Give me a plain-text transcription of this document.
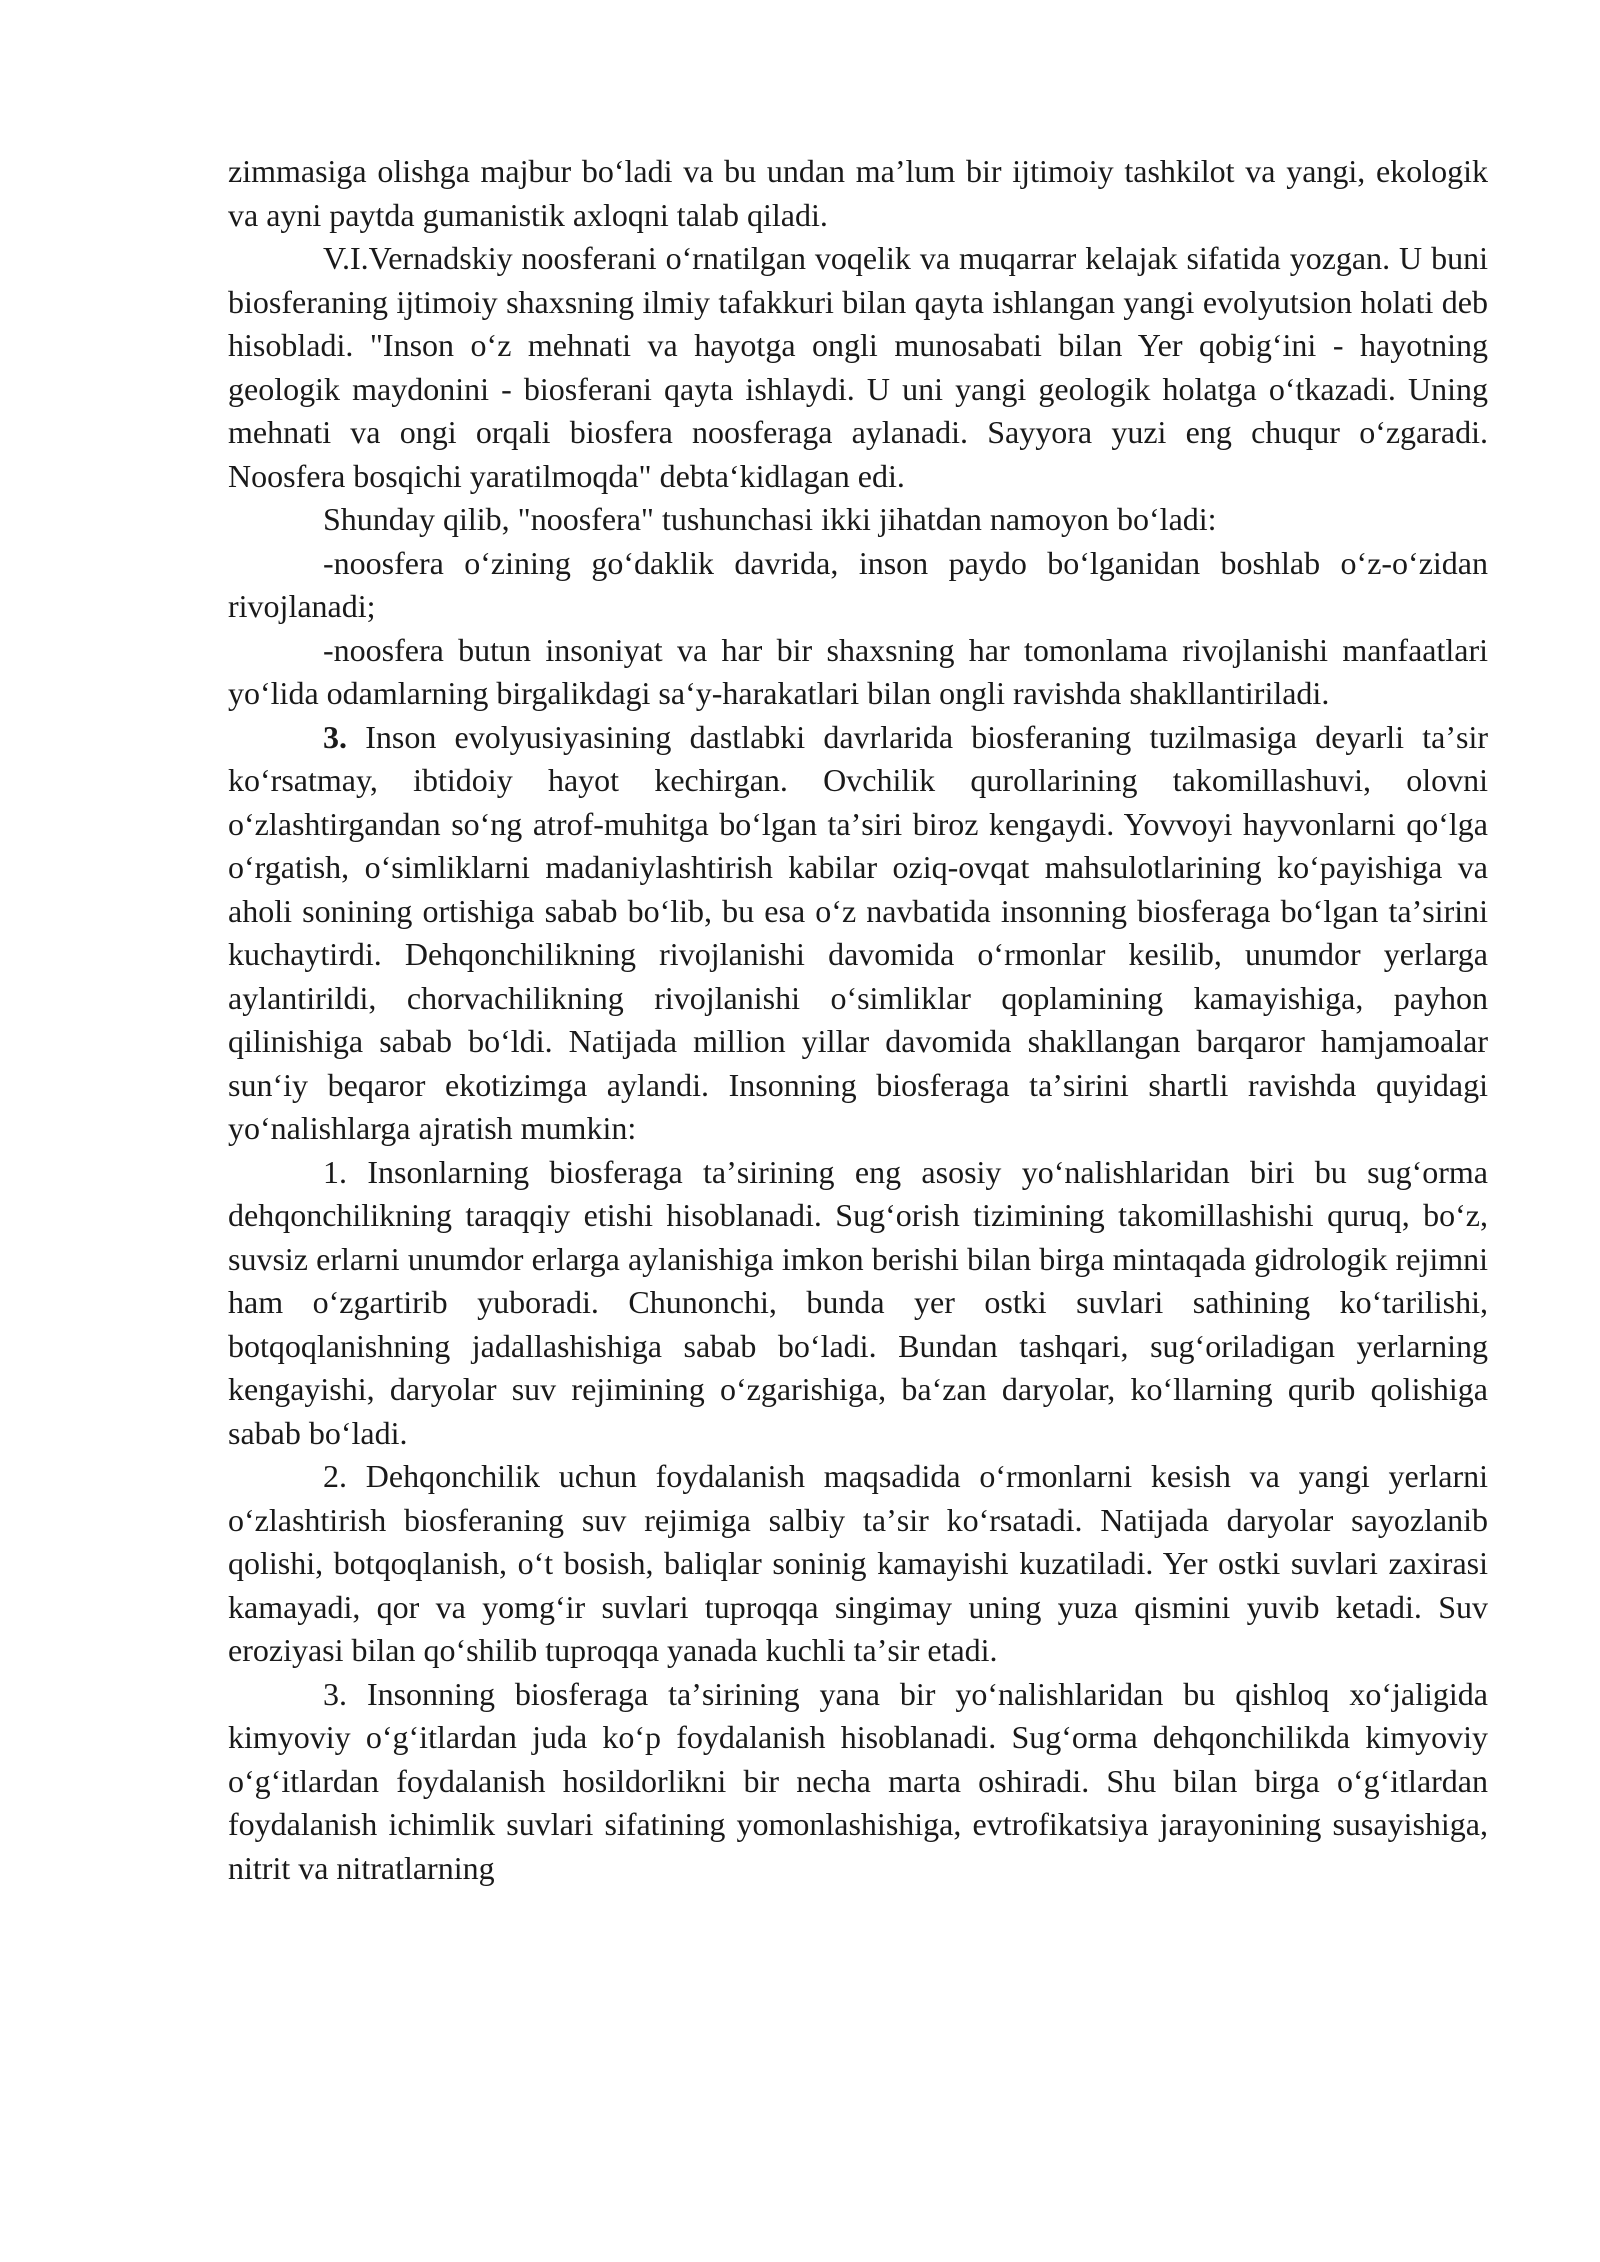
zimmasiga olishga majbur boʻladi va bu undan maʼlum bir ijtimoiy tashkilot va yangi, ekologik va ayni paytda gumanistik axloqni talab qiladi.

V.I.Vernadskiy noosferani oʻrnatilgan voqelik va muqarrar kelajak sifatida yozgan. U buni biosferaning ijtimoiy shaxsning ilmiy tafakkuri bilan qayta ishlangan yangi evolyutsion holati deb hisobladi. "Inson oʻz mehnati va hayotga ongli munosabati bilan Yer qobigʻini - hayotning geologik maydonini - biosferani qayta ishlaydi. U uni yangi geologik holatga oʻtkazadi. Uning mehnati va ongi orqali biosfera noosferaga aylanadi. Sayyora yuzi eng chuqur oʻzgaradi. Noosfera bosqichi yaratilmoqda" debtaʻkidlagan edi.

Shunday qilib, "noosfera" tushunchasi ikki jihatdan namoyon boʻladi:

-noosfera oʻzining goʻdaklik davrida, inson paydo boʻlganidan boshlab oʻz-oʻzidan rivojlanadi;

-noosfera butun insoniyat va har bir shaxsning har tomonlama rivojlanishi manfaatlari yoʻlida odamlarning birgalikdagi saʻy-harakatlari bilan ongli ravishda shakllantiriladi.

3. Inson evolyusiyasining dastlabki davrlarida biosferaning tuzilmasiga deyarli taʼsir koʻrsatmay, ibtidoiy hayot kechirgan. Ovchilik qurollarining takomillashuvi, olovni oʻzlashtirgandan soʻng atrof-muhitga boʻlgan taʼsiri biroz kengaydi. Yovvoyi hayvonlarni qoʻlga oʻrgatish, oʻsimliklarni madaniylashtirish kabilar oziq-ovqat mahsulotlarining koʻpayishiga va aholi sonining ortishiga sabab boʻlib, bu esa oʻz navbatida insonning biosferaga boʻlgan taʼsirini kuchaytirdi. Dehqonchilikning rivojlanishi davomida oʻrmonlar kesilib, unumdor yerlarga aylantirildi, chorvachilikning rivojlanishi oʻsimliklar qoplamining kamayishiga, payhon qilinishiga sabab boʻldi. Natijada million yillar davomida shakllangan barqaror hamjamoalar sunʻiy beqaror ekotizimga aylandi. Insonning biosferaga taʼsirini shartli ravishda quyidagi yoʻnalishlarga ajratish mumkin:

1. Insonlarning biosferaga taʼsirining eng asosiy yoʻnalishlaridan biri bu sugʻorma dehqonchilikning taraqqiy etishi hisoblanadi. Sugʻorish tizimining takomillashishi quruq, boʻz, suvsiz erlarni unumdor erlarga aylanishiga imkon berishi bilan birga mintaqada gidrologik rejimni ham oʻzgartirib yuboradi. Chunonchi, bunda yer ostki suvlari sathining koʻtarilishi, botqoqlanishning jadallashishiga sabab boʻladi. Bundan tashqari, sugʻoriladigan yerlarning kengayishi, daryolar suv rejimining oʻzgarishiga, baʻzan daryolar, koʻllarning qurib qolishiga sabab boʻladi.

2. Dehqonchilik uchun foydalanish maqsadida oʻrmonlarni kesish va yangi yerlarni oʻzlashtirish biosferaning suv rejimiga salbiy taʼsir koʻrsatadi. Natijada daryolar sayozlanib qolishi, botqoqlanish, oʻt bosish, baliqlar soninig kamayishi kuzatiladi. Yer ostki suvlari zaxirasi kamayadi, qor va yomgʻir suvlari tuproqqa singimay uning yuza qismini yuvib ketadi. Suv eroziyasi bilan qoʻshilib tuproqqa yanada kuchli taʼsir etadi.

3. Insonning biosferaga taʼsirining yana bir yoʻnalishlaridan bu qishloq xoʻjaligida kimyoviy oʻgʻitlardan juda koʻp foydalanish hisoblanadi. Sugʻorma dehqonchilikda kimyoviy oʻgʻitlardan foydalanish hosildorlikni bir necha marta oshiradi. Shu bilan birga oʻgʻitlardan foydalanish ichimlik suvlari sifatining yomonlashishiga, evtrofikatsiya jarayonining susayishiga, nitrit va nitratlarning
